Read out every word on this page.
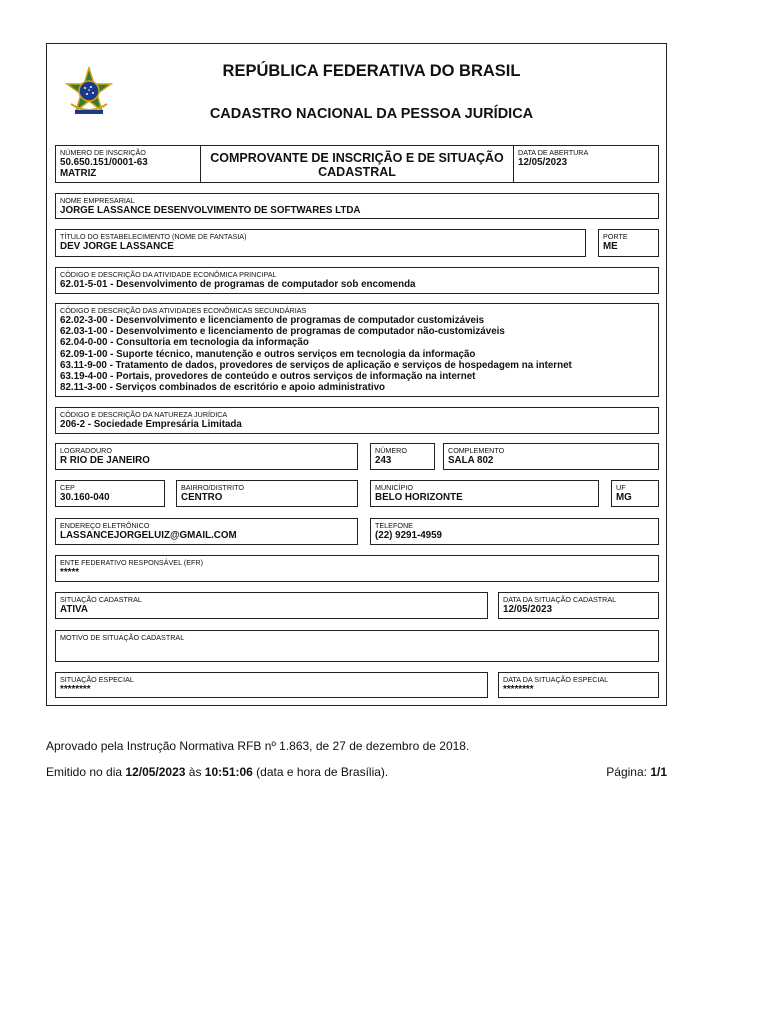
REPÚBLICA FEDERATIVA DO BRASIL
CADASTRO NACIONAL DA PESSOA JURÍDICA
NÚMERO DE INSCRIÇÃO
50.650.151/0001-63
MATRIZ
COMPROVANTE DE INSCRIÇÃO E DE SITUAÇÃO
CADASTRAL
DATA DE ABERTURA
12/05/2023
NOME EMPRESARIAL
JORGE LASSANCE DESENVOLVIMENTO DE SOFTWARES LTDA
TÍTULO DO ESTABELECIMENTO (NOME DE FANTASIA)
DEV JORGE LASSANCE
PORTE
ME
CÓDIGO E DESCRIÇÃO DA ATIVIDADE ECONÔMICA PRINCIPAL
62.01-5-01 - Desenvolvimento de programas de computador sob encomenda
CÓDIGO E DESCRIÇÃO DAS ATIVIDADES ECONÔMICAS SECUNDÁRIAS
62.02-3-00 - Desenvolvimento e licenciamento de programas de computador customizáveis
62.03-1-00 - Desenvolvimento e licenciamento de programas de computador não-customizáveis
62.04-0-00 - Consultoria em tecnologia da informação
62.09-1-00 - Suporte técnico, manutenção e outros serviços em tecnologia da informação
63.11-9-00 - Tratamento de dados, provedores de serviços de aplicação e serviços de hospedagem na internet
63.19-4-00 - Portais, provedores de conteúdo e outros serviços de informação na internet
82.11-3-00 - Serviços combinados de escritório e apoio administrativo
CÓDIGO E DESCRIÇÃO DA NATUREZA JURÍDICA
206-2 - Sociedade Empresária Limitada
LOGRADOURO
R RIO DE JANEIRO
NÚMERO
243
COMPLEMENTO
SALA 802
CEP
30.160-040
BAIRRO/DISTRITO
CENTRO
MUNICÍPIO
BELO HORIZONTE
UF
MG
ENDEREÇO ELETRÔNICO
LASSANCEJORGELUIZ@GMAIL.COM
TELEFONE
(22) 9291-4959
ENTE FEDERATIVO RESPONSÁVEL (EFR)
*****
SITUAÇÃO CADASTRAL
ATIVA
DATA DA SITUAÇÃO CADASTRAL
12/05/2023
MOTIVO DE SITUAÇÃO CADASTRAL
SITUAÇÃO ESPECIAL
********
DATA DA SITUAÇÃO ESPECIAL
********
Aprovado pela Instrução Normativa RFB nº 1.863, de 27 de dezembro de 2018.
Emitido no dia 12/05/2023 às 10:51:06 (data e hora de Brasília).	Página: 1/1
